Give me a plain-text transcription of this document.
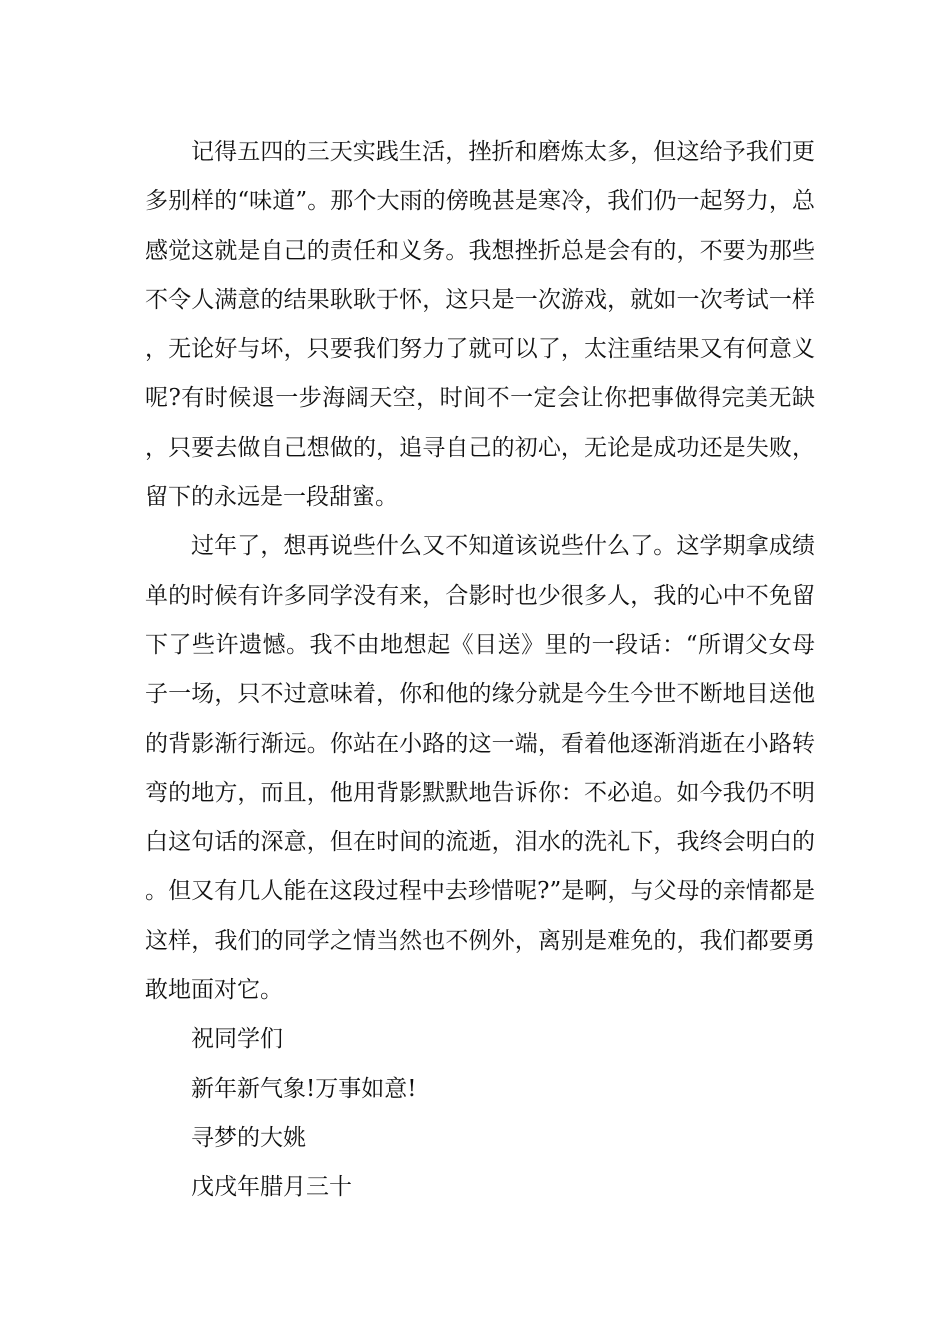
记得五四的三天实践生活，挫折和磨炼太多，但这给予我们更多别样的“味道”。那个大雨的傍晚甚是寒冷，我们仍一起努力，总感觉这就是自己的责任和义务。我想挫折总是会有的，不要为那些不令人满意的结果耿耿于怀，这只是一次游戏，就如一次考试一样，无论好与坏，只要我们努力了就可以了，太注重结果又有何意义呢?有时候退一步海阔天空，时间不一定会让你把事做得完美无缺，只要去做自己想做的，追寻自己的初心，无论是成功还是失败，留下的永远是一段甜蜜。

过年了，想再说些什么又不知道该说些什么了。这学期拿成绩单的时候有许多同学没有来，合影时也少很多人，我的心中不免留下了些许遗憾。我不由地想起《目送》里的一段话：“所谓父女母子一场，只不过意味着，你和他的缘分就是今生今世不断地目送他的背影渐行渐远。你站在小路的这一端，看着他逐渐消逝在小路转弯的地方，而且，他用背影默默地告诉你：不必追。如今我仍不明白这句话的深意，但在时间的流逝，泪水的洗礼下，我终会明白的。但又有几人能在这段过程中去珍惜呢?”是啊，与父母的亲情都是这样，我们的同学之情当然也不例外，离别是难免的，我们都要勇敢地面对它。

祝同学们
新年新气象!万事如意!
寻梦的大姚
戊戌年腊月三十
